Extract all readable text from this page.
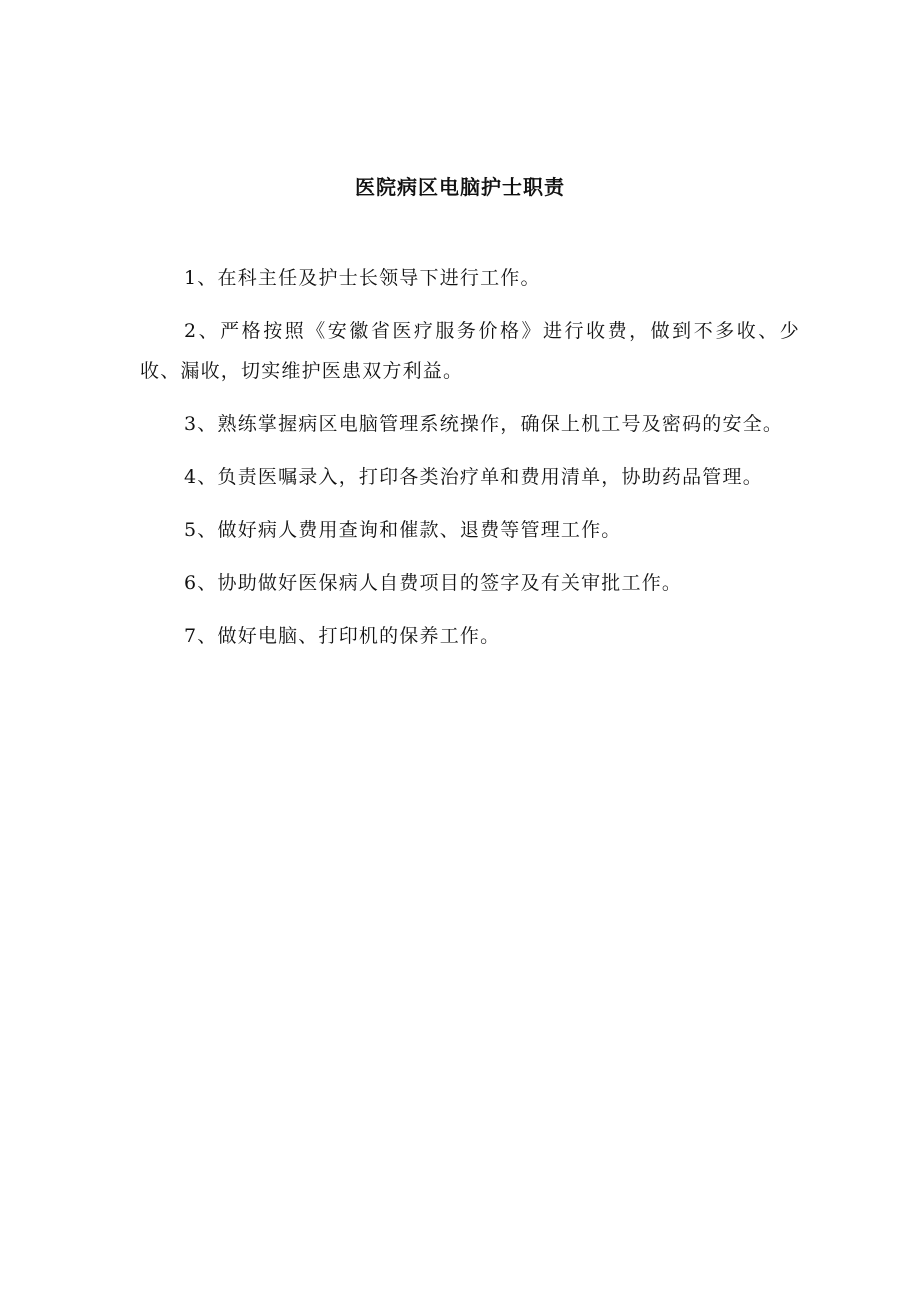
医院病区电脑护士职责

1、在科主任及护士长领导下进行工作。

2、严格按照《安徽省医疗服务价格》进行收费，做到不多收、少收、漏收，切实维护医患双方利益。

3、熟练掌握病区电脑管理系统操作，确保上机工号及密码的安全。

4、负责医嘱录入，打印各类治疗单和费用清单，协助药品管理。

5、做好病人费用查询和催款、退费等管理工作。

6、协助做好医保病人自费项目的签字及有关审批工作。

7、做好电脑、打印机的保养工作。
